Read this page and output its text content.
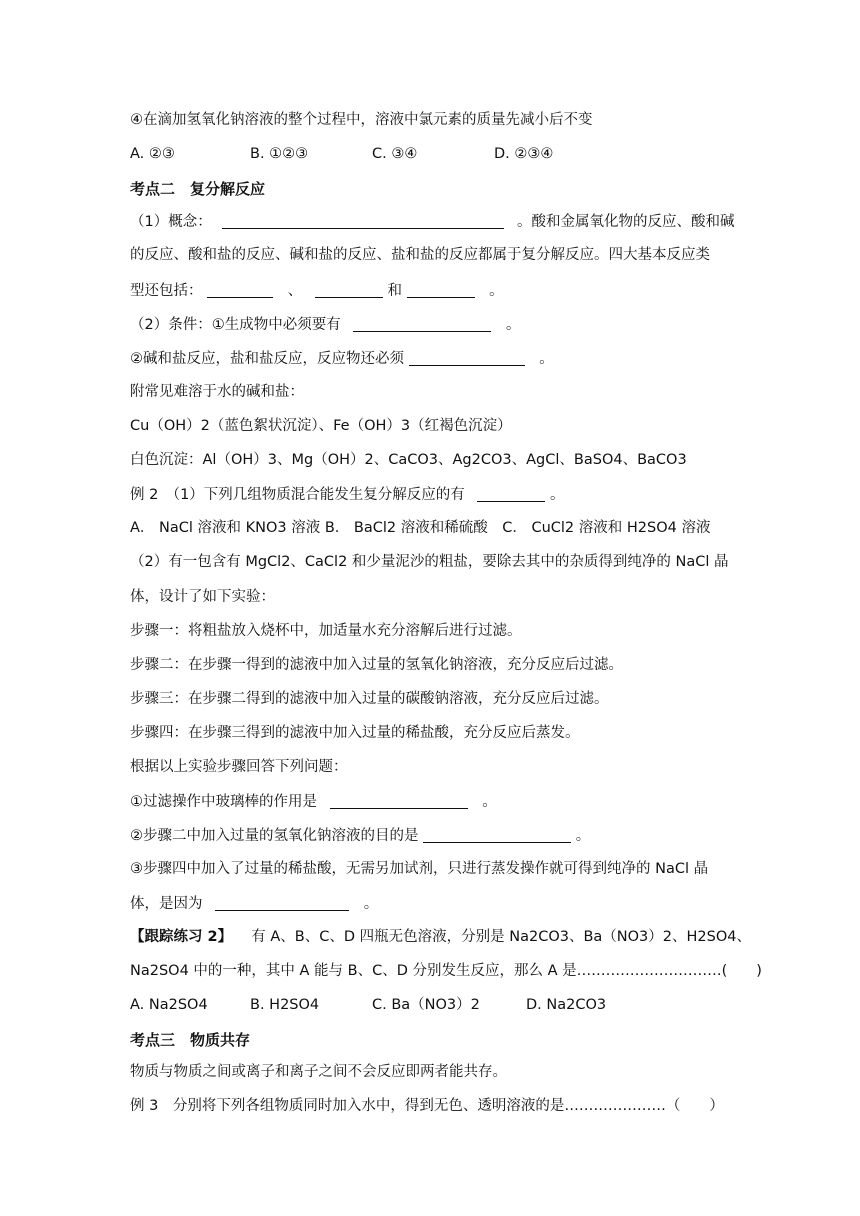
④在滴加氢氧化钠溶液的整个过程中，溶液中氯元素的质量先减小后不变
A. ②③	B. ①②③	C. ③④	D. ②③④
考点二　复分解反应
（1）概念：	。酸和金属氧化物的反应、酸和碱
的反应、酸和盐的反应、碱和盐的反应、盐和盐的反应都属于复分解反应。四大基本反应类
型还包括：	、	和	。
（2）条件：①生成物中必须要有	。
②碱和盐反应，盐和盐反应，反应物还必须	。
附常见难溶于水的碱和盐：
Cu（OH）2（蓝色絮状沉淀）、Fe（OH）3（红褐色沉淀）
白色沉淀：Al（OH）3、Mg（OH）2、CaCO3、Ag2CO3、AgCl、BaSO4、BaCO3
例 2　（1）下列几组物质混合能发生复分解反应的有	。
A． NaCl 溶液和 KNO3 溶液 B． BaCl2 溶液和稀硫酸　C． CuCl2 溶液和 H2SO4 溶液
（2）有一包含有 MgCl2、CaCl2 和少量泥沙的粗盐，要除去其中的杂质得到纯净的 NaCl 晶
体，设计了如下实验：
步骤一：将粗盐放入烧杯中，加适量水充分溶解后进行过滤。
步骤二：在步骤一得到的滤液中加入过量的氢氧化钠溶液，充分反应后过滤。
步骤三：在步骤二得到的滤液中加入过量的碳酸钠溶液，充分反应后过滤。
步骤四：在步骤三得到的滤液中加入过量的稀盐酸，充分反应后蒸发。
根据以上实验步骤回答下列问题：
①过滤操作中玻璃棒的作用是	。
②步骤二中加入过量的氢氧化钠溶液的目的是	。
③步骤四中加入了过量的稀盐酸，无需另加试剂，只进行蒸发操作就可得到纯净的 NaCl 晶
体，是因为	。
【跟踪练习 2】 　有 A、B、C、D 四瓶无色溶液，分别是 Na2CO3、Ba（NO3）2、H2SO4、
Na2SO4 中的一种，其中 A 能与 B、C、D 分别发生反应，那么 A 是…………………………(　　)
A. Na2SO4	B. H2SO4	C. Ba（NO3）2	D. Na2CO3
考点三　物质共存
物质与物质之间或离子和离子之间不会反应即两者能共存。
例 3　分别将下列各组物质同时加入水中，得到无色、透明溶液的是…………………（　　）
